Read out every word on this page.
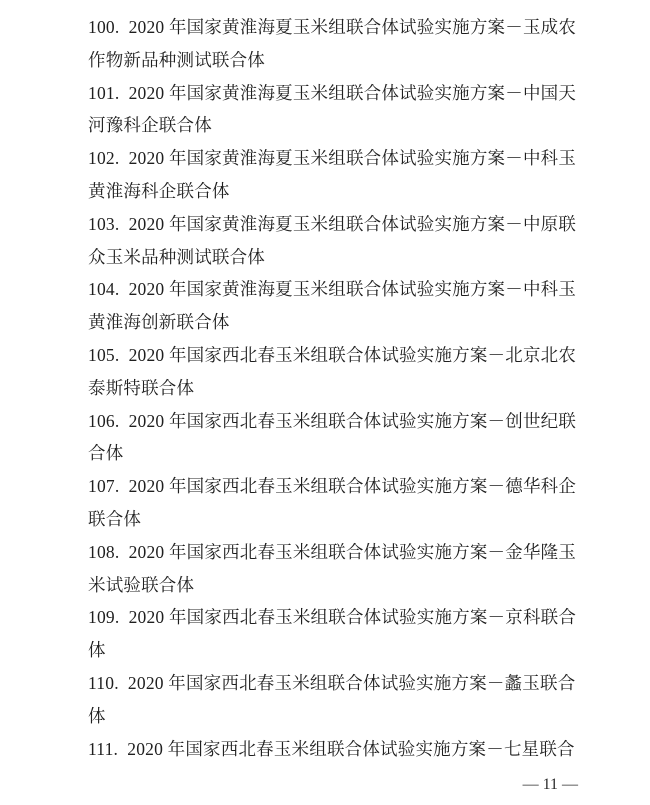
100.  2020 年国家黄淮海夏玉米组联合体试验实施方案－玉成农
作物新品种测试联合体
101.  2020 年国家黄淮海夏玉米组联合体试验实施方案－中国天
河豫科企联合体
102.  2020 年国家黄淮海夏玉米组联合体试验实施方案－中科玉
黄淮海科企联合体
103.  2020 年国家黄淮海夏玉米组联合体试验实施方案－中原联
众玉米品种测试联合体
104.  2020 年国家黄淮海夏玉米组联合体试验实施方案－中科玉
黄淮海创新联合体
105.  2020 年国家西北春玉米组联合体试验实施方案－北京北农
泰斯特联合体
106.  2020 年国家西北春玉米组联合体试验实施方案－创世纪联
合体
107.  2020 年国家西北春玉米组联合体试验实施方案－德华科企
联合体
108.  2020 年国家西北春玉米组联合体试验实施方案－金华隆玉
米试验联合体
109.  2020 年国家西北春玉米组联合体试验实施方案－京科联合
体
110.  2020 年国家西北春玉米组联合体试验实施方案－蠡玉联合
体
111.  2020 年国家西北春玉米组联合体试验实施方案－七星联合
— 11 —
